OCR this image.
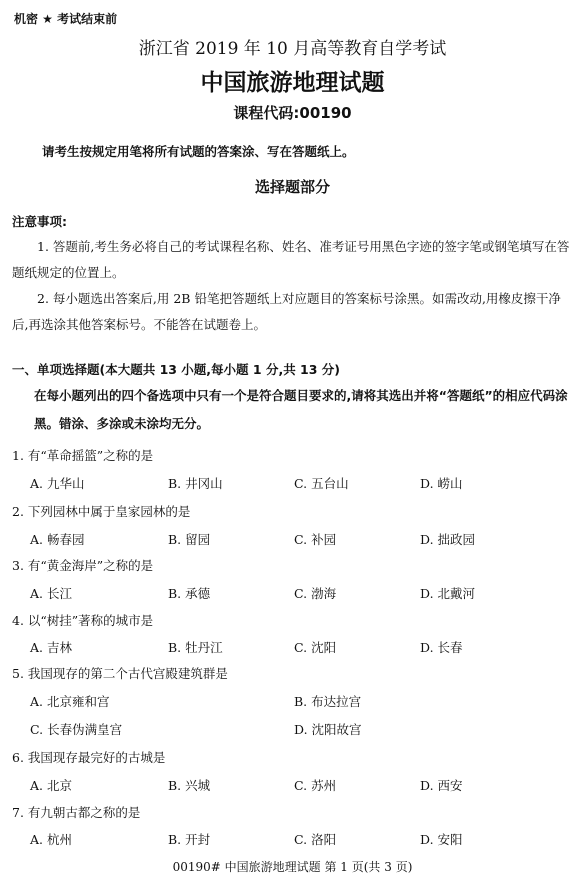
机密 ★ 考试结束前
浙江省 2019 年 10 月高等教育自学考试
中国旅游地理试题
课程代码:00190
请考生按规定用笔将所有试题的答案涂、写在答题纸上。
选择题部分
注意事项:
1. 答题前,考生务必将自己的考试课程名称、姓名、准考证号用黑色字迹的签字笔或钢笔填写在答题纸规定的位置上。
2. 每小题选出答案后,用 2B 铅笔把答题纸上对应题目的答案标号涂黑。如需改动,用橡皮擦干净后,再选涂其他答案标号。不能答在试题卷上。
一、单项选择题(本大题共 13 小题,每小题 1 分,共 13 分)
在每小题列出的四个备选项中只有一个是符合题目要求的,请将其选出并将“答题纸”的相应代码涂黑。错涂、多涂或未涂均无分。
1. 有“革命摇篮”之称的是
A. 九华山	B. 井冈山	C. 五台山	D. 崂山
2. 下列园林中属于皇家园林的是
A. 畅春园	B. 留园	C. 补园	D. 拙政园
3. 有“黄金海岸”之称的是
A. 长江	B. 承德	C. 渤海	D. 北戴河
4. 以“树挂”著称的城市是
A. 吉林	B. 牡丹江	C. 沈阳	D. 长春
5. 我国现存的第二个古代宫殿建筑群是
A. 北京雍和宫	B. 布达拉宫
C. 长春伪满皇宫	D. 沈阳故宫
6. 我国现存最完好的古城是
A. 北京	B. 兴城	C. 苏州	D. 西安
7. 有九朝古都之称的是
A. 杭州	B. 开封	C. 洛阳	D. 安阳
00190# 中国旅游地理试题 第 1 页(共 3 页)
